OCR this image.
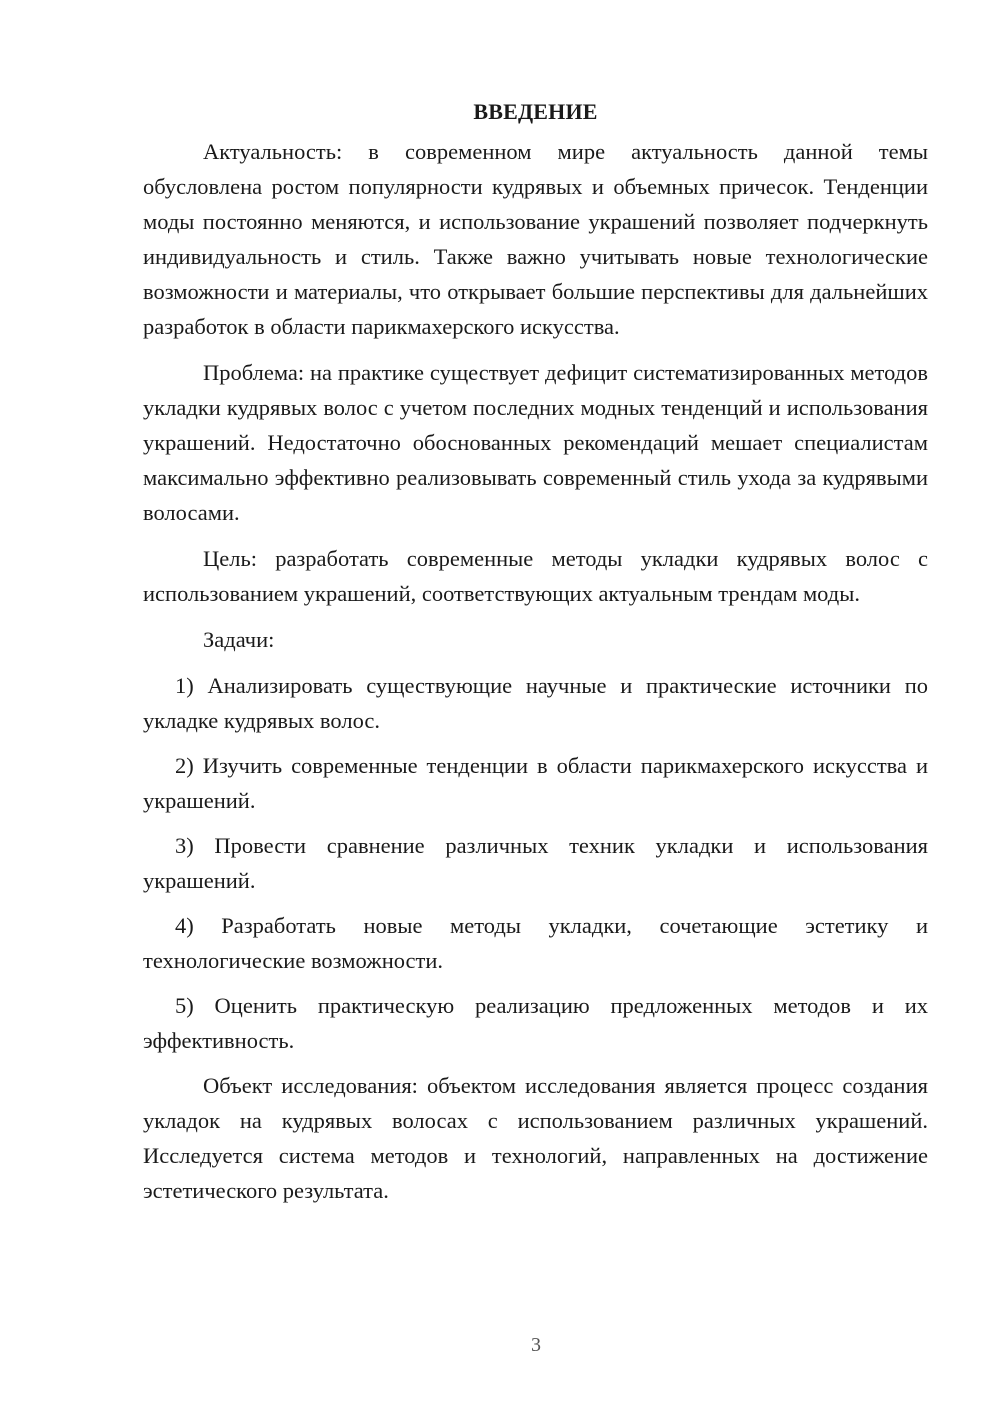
ВВЕДЕНИЕ

Актуальность: в современном мире актуальность данной темы обусловлена ростом популярности кудрявых и объемных причесок. Тенденции моды постоянно меняются, и использование украшений позволяет подчеркнуть индивидуальность и стиль. Также важно учитывать новые технологические возможности и материалы, что открывает большие перспективы для дальнейших разработок в области парикмахерского искусства.

Проблема: на практике существует дефицит систематизированных методов укладки кудрявых волос с учетом последних модных тенденций и использования украшений. Недостаточно обоснованных рекомендаций мешает специалистам максимально эффективно реализовывать современный стиль ухода за кудрявыми волосами.

Цель: разработать современные методы укладки кудрявых волос с использованием украшений, соответствующих актуальным трендам моды.

Задачи:

1) Анализировать существующие научные и практические источники по укладке кудрявых волос.
2) Изучить современные тенденции в области парикмахерского искусства и украшений.
3) Провести сравнение различных техник укладки и использования украшений.
4) Разработать новые методы укладки, сочетающие эстетику и технологические возможности.
5) Оценить практическую реализацию предложенных методов и их эффективность.

Объект исследования: объектом исследования является процесс создания укладок на кудрявых волосах с использованием различных украшений. Исследуется система методов и технологий, направленных на достижение эстетического результата.

3
